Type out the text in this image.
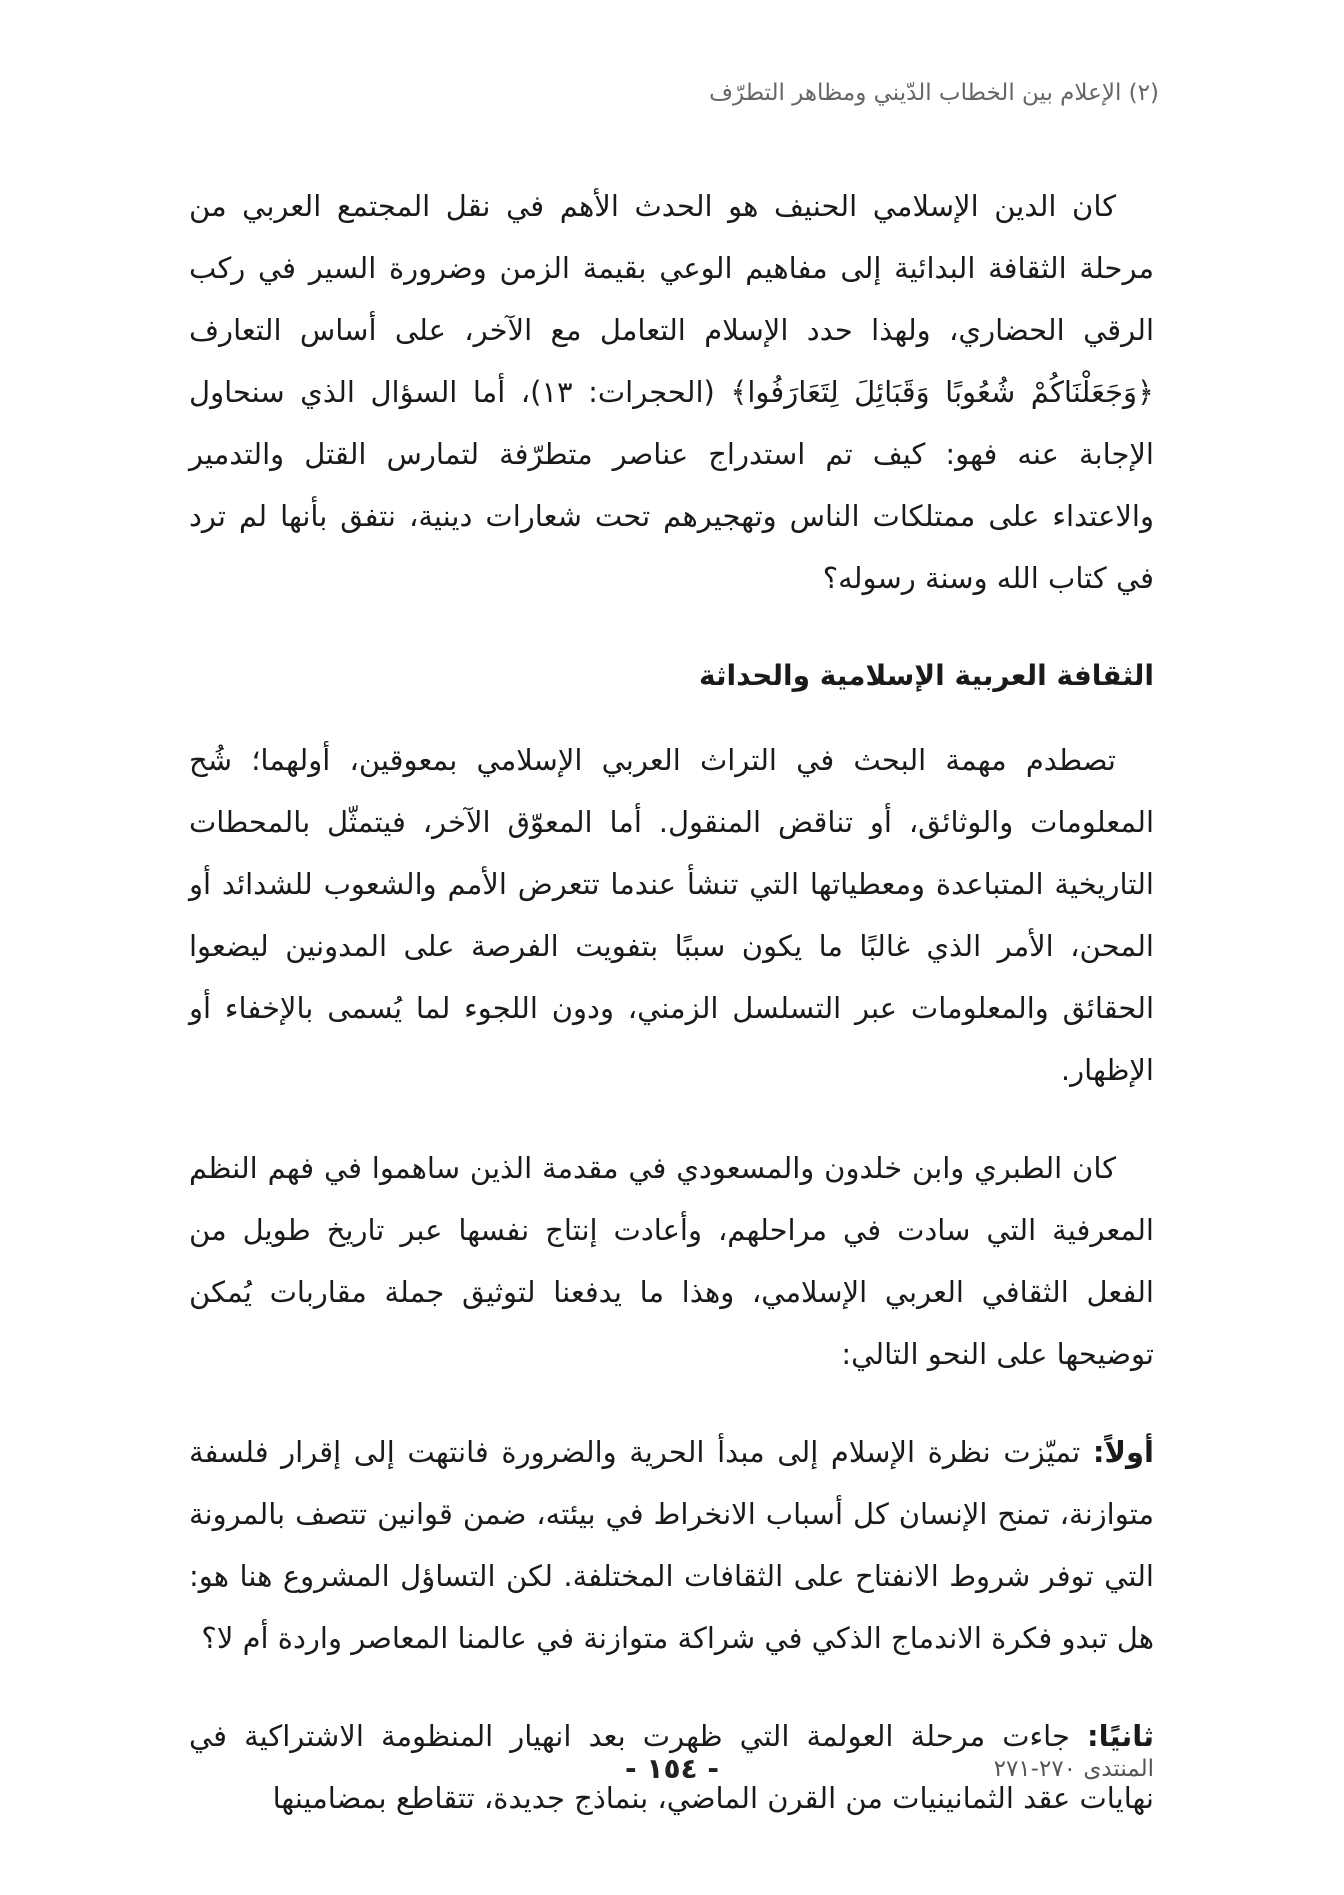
(٢) الإعلام بين الخطاب الدّيني ومظاهر التطرّف

كان الدين الإسلامي الحنيف هو الحدث الأهم في نقل المجتمع العربي من مرحلة الثقافة البدائية إلى مفاهيم الوعي بقيمة الزمن وضرورة السير في ركب الرقي الحضاري، ولهذا حدد الإسلام التعامل مع الآخر، على أساس التعارف ﴿وَجَعَلْنَاكُمْ شُعُوبًا وَقَبَائِلَ لِتَعَارَفُوا﴾ (الحجرات: ١٣)، أما السؤال الذي سنحاول الإجابة عنه فهو: كيف تم استدراج عناصر متطرّفة لتمارس القتل والتدمير والاعتداء على ممتلكات الناس وتهجيرهم تحت شعارات دينية، نتفق بأنها لم ترد في كتاب الله وسنة رسوله؟

الثقافة العربية الإسلامية والحداثة

تصطدم مهمة البحث في التراث العربي الإسلامي بمعوقين، أولهما؛ شُح المعلومات والوثائق، أو تناقض المنقول. أما المعوّق الآخر، فيتمثّل بالمحطات التاريخية المتباعدة ومعطياتها التي تنشأ عندما تتعرض الأمم والشعوب للشدائد أو المحن، الأمر الذي غالبًا ما يكون سببًا بتفويت الفرصة على المدونين ليضعوا الحقائق والمعلومات عبر التسلسل الزمني، ودون اللجوء لما يُسمى بالإخفاء أو الإظهار.

كان الطبري وابن خلدون والمسعودي في مقدمة الذين ساهموا في فهم النظم المعرفية التي سادت في مراحلهم، وأعادت إنتاج نفسها عبر تاريخ طويل من الفعل الثقافي العربي الإسلامي، وهذا ما يدفعنا لتوثيق جملة مقاربات يُمكن توضيحها على النحو التالي:

أولاً: تميّزت نظرة الإسلام إلى مبدأ الحرية والضرورة فانتهت إلى إقرار فلسفة متوازنة، تمنح الإنسان كل أسباب الانخراط في بيئته، ضمن قوانين تتصف بالمرونة التي توفر شروط الانفتاح على الثقافات المختلفة. لكن التساؤل المشروع هنا هو: هل تبدو فكرة الاندماج الذكي في شراكة متوازنة في عالمنا المعاصر واردة أم لا؟

ثانيًا: جاءت مرحلة العولمة التي ظهرت بعد انهيار المنظومة الاشتراكية في نهايات عقد الثمانينيات من القرن الماضي، بنماذج جديدة، تتقاطع بمضامينها

المنتدى ٢٧٠-٢٧١
- ١٥٤ -
